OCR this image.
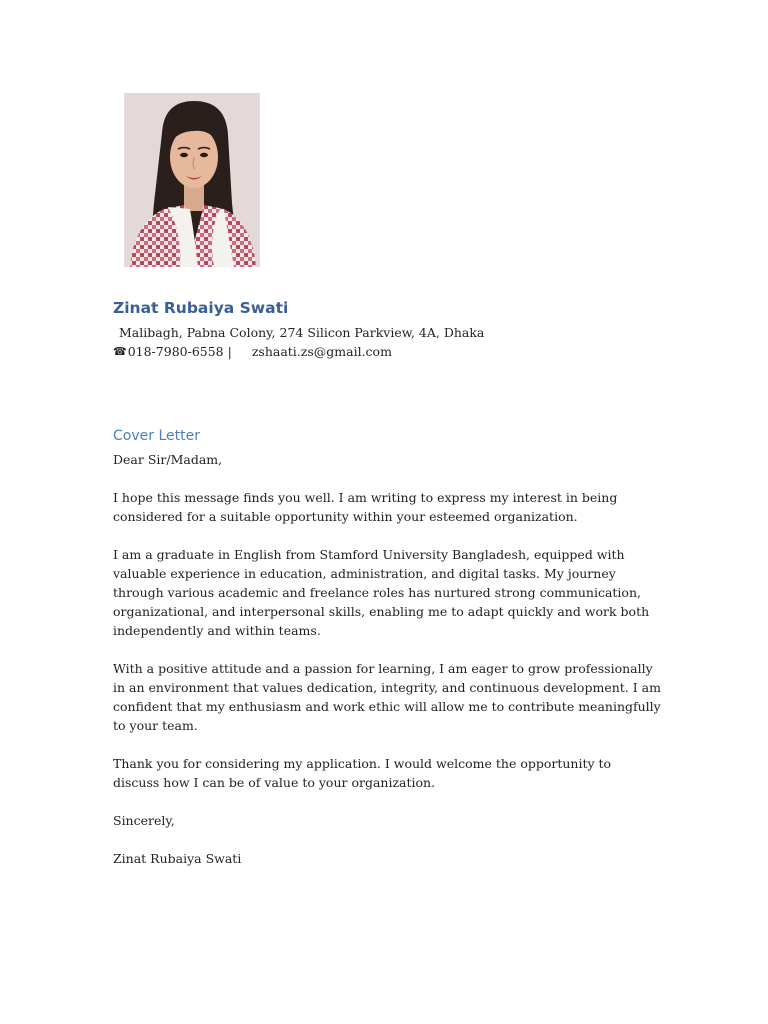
Zinat Rubaiya Swati
Malibagh, Pabna Colony, 274 Silicon Parkview, 4A, Dhaka
☎ 018-7980-6558 | zshaati.zs@gmail.com
Cover Letter

Dear Sir/Madam,

I hope this message finds you well. I am writing to express my interest in being considered for a suitable opportunity within your esteemed organization.

I am a graduate in English from Stamford University Bangladesh, equipped with valuable experience in education, administration, and digital tasks. My journey through various academic and freelance roles has nurtured strong communication, organizational, and interpersonal skills, enabling me to adapt quickly and work both independently and within teams.

With a positive attitude and a passion for learning, I am eager to grow professionally in an environment that values dedication, integrity, and continuous development. I am confident that my enthusiasm and work ethic will allow me to contribute meaningfully to your team.

Thank you for considering my application. I would welcome the opportunity to discuss how I can be of value to your organization.

Sincerely,

Zinat Rubaiya Swati
